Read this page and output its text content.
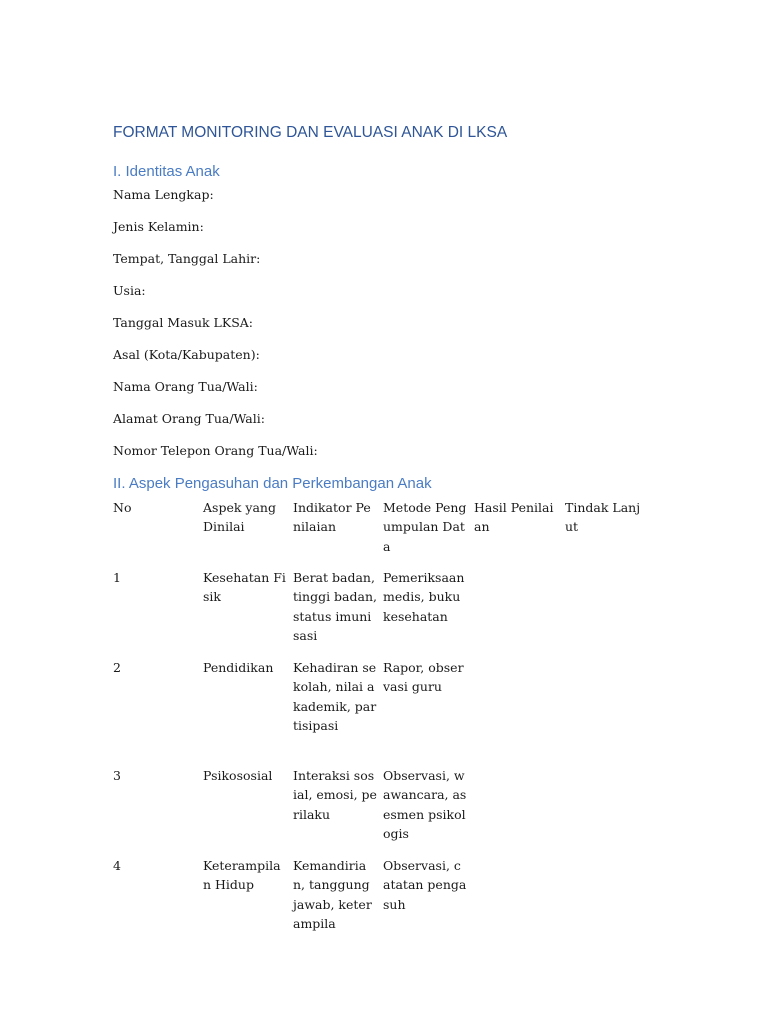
FORMAT MONITORING DAN EVALUASI ANAK DI LKSA
I. Identitas Anak
Nama Lengkap:
Jenis Kelamin:
Tempat, Tanggal Lahir:
Usia:
Tanggal Masuk LKSA:
Asal (Kota/Kabupaten):
Nama Orang Tua/Wali:
Alamat Orang Tua/Wali:
Nomor Telepon Orang Tua/Wali:
II. Aspek Pengasuhan dan Perkembangan Anak
No	Aspek yang Dinilai	Indikator Penilaian	Metode Pengumpulan Data	Hasil Penilaian	Tindak Lanjut

1	Kesehatan Fisik	Berat badan, tinggi badan, status imunisasi	Pemeriksaan medis, buku kesehatan		

2	Pendidikan	Kehadiran sekolah, nilai akademik, partisipasi	Rapor, observasi guru		

3	Psikososial	Interaksi sosial, emosi, perilaku	Observasi, wawancara, asesmen psikologis		

4	Keterampilan Hidup	Kemandirian, tanggung jawab, keterampila	Observasi, catatan pengasuh		
